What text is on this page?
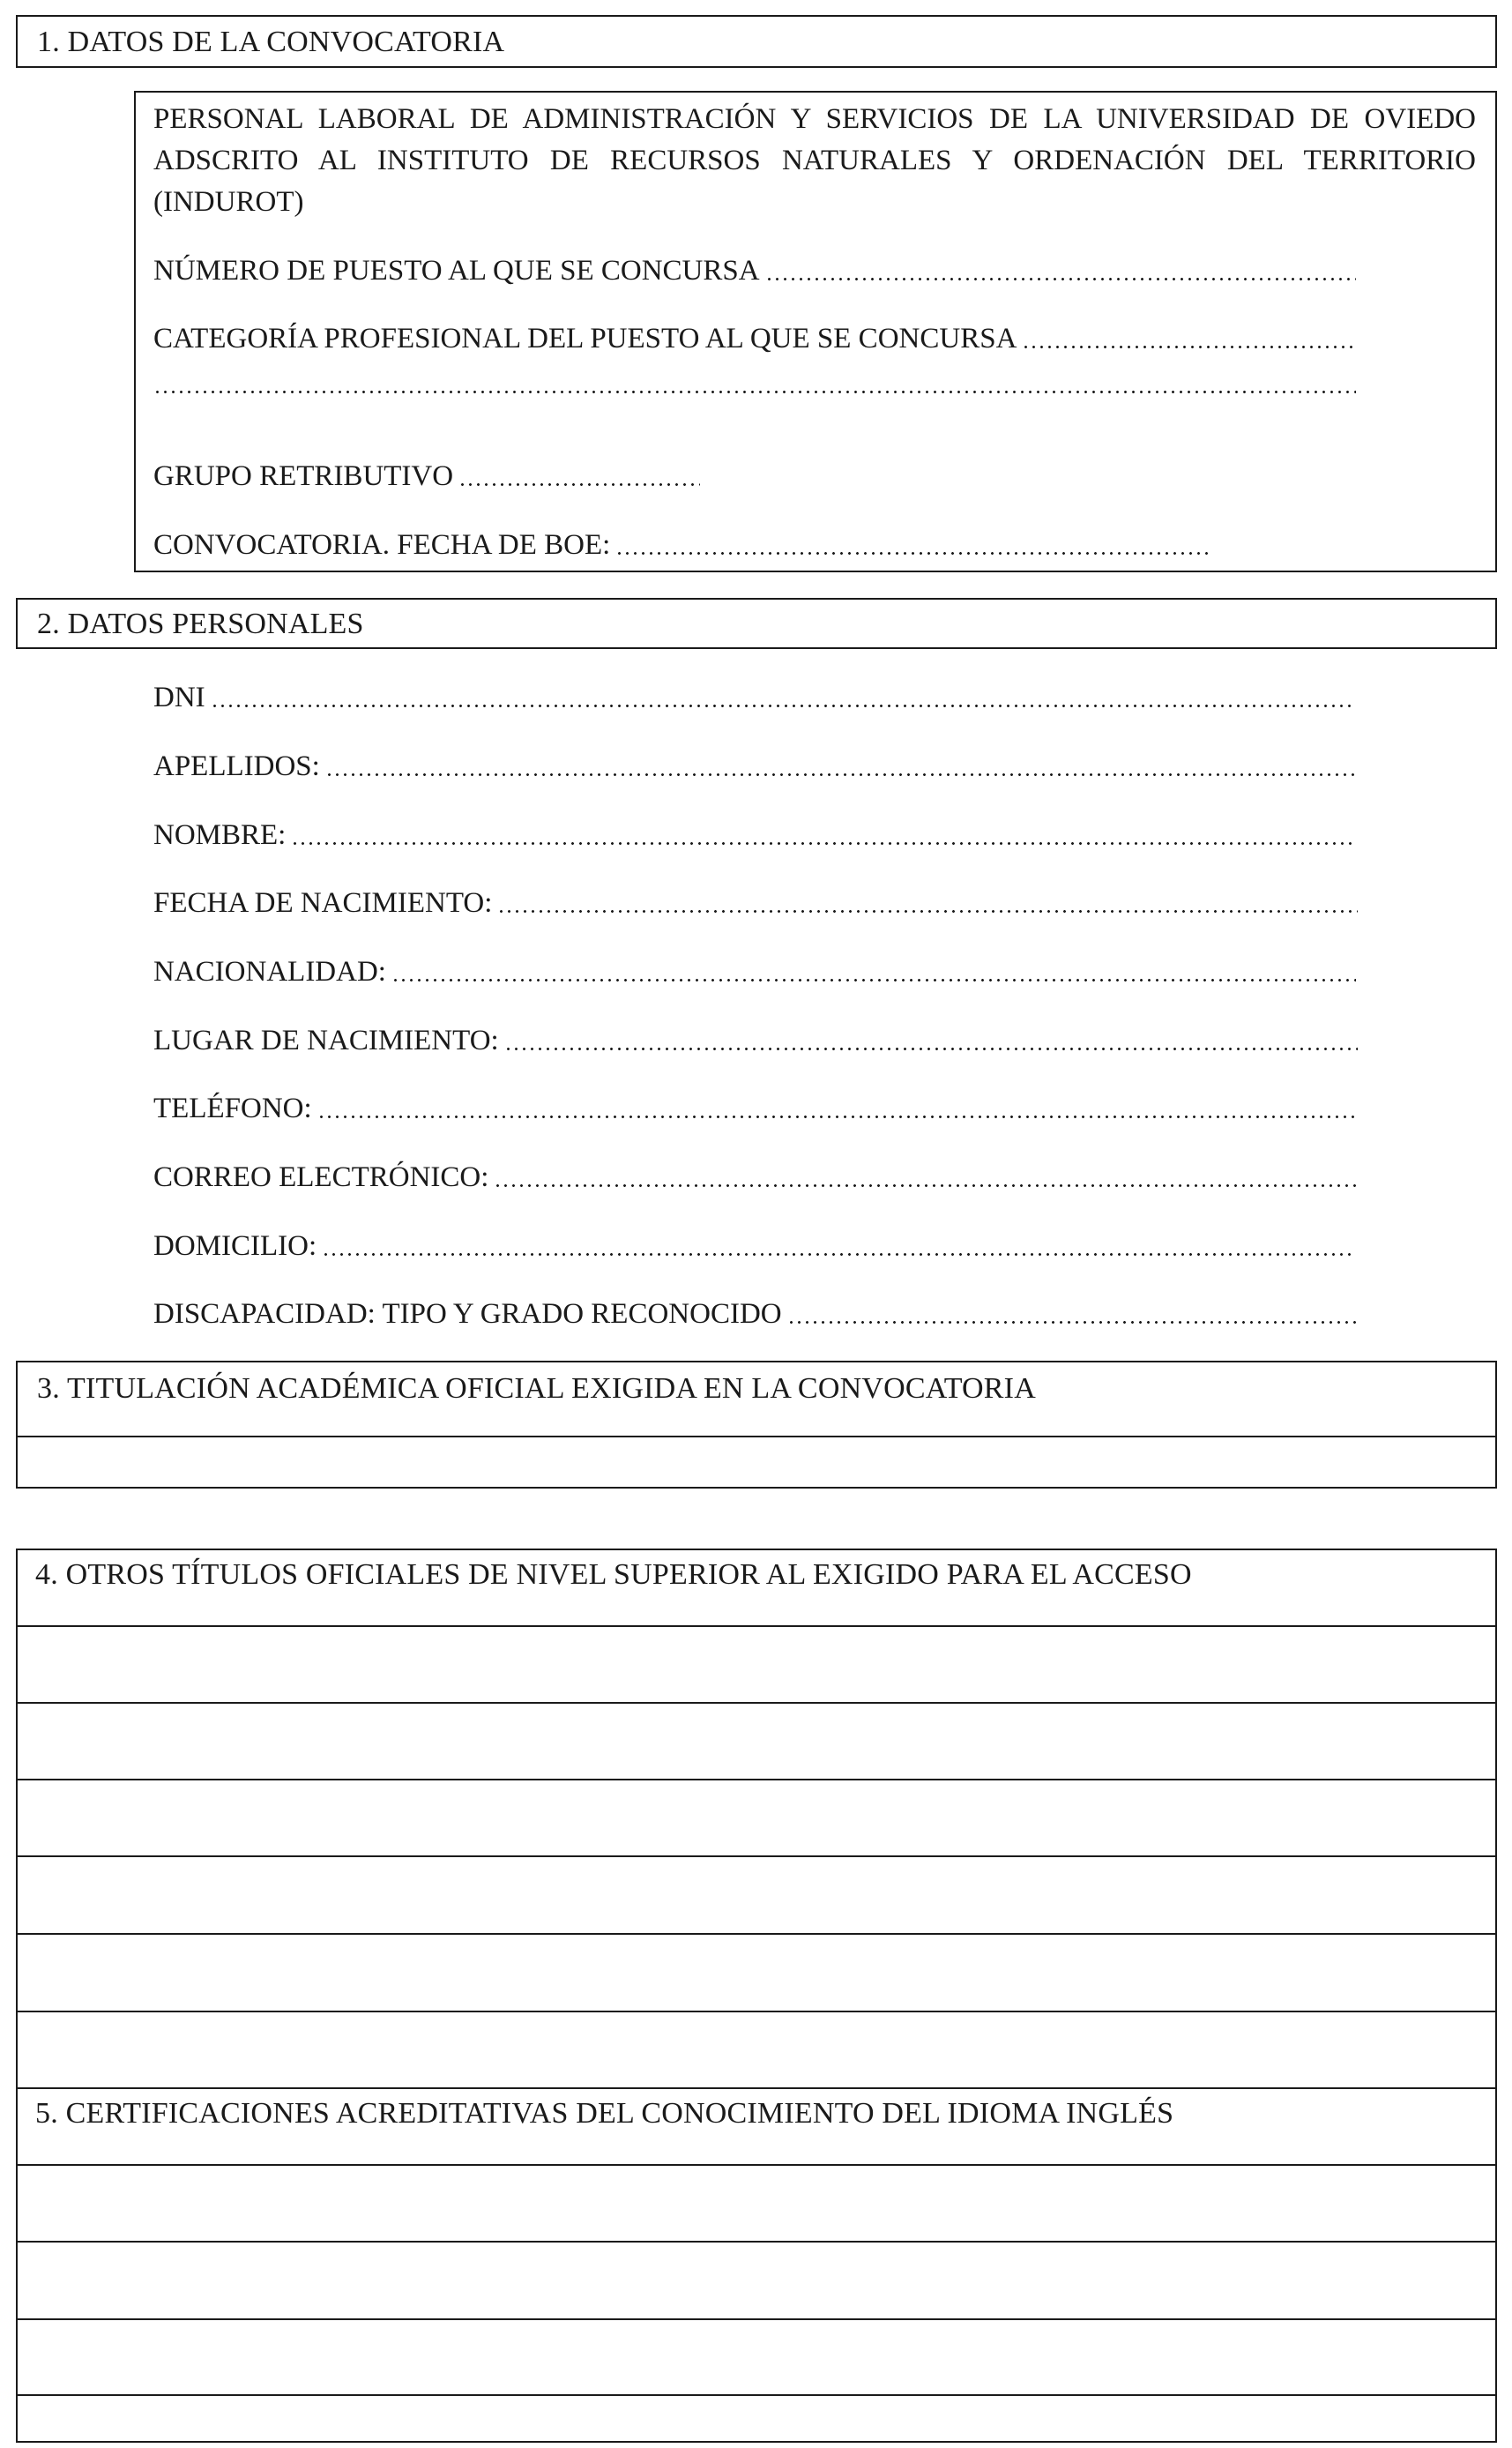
1. DATOS DE LA CONVOCATORIA
PERSONAL LABORAL DE ADMINISTRACIÓN Y SERVICIOS DE LA UNIVERSIDAD DE OVIEDO
ADSCRITO AL INSTITUTO DE RECURSOS NATURALES Y ORDENACIÓN DEL TERRITORIO
(INDUROT)
NÚMERO DE PUESTO AL QUE SE CONCURSA
CATEGORÍA PROFESIONAL DEL PUESTO AL QUE SE CONCURSA
GRUPO RETRIBUTIVO
CONVOCATORIA. FECHA DE BOE:
2. DATOS PERSONALES
DNI
APELLIDOS:
NOMBRE:
FECHA DE NACIMIENTO:
NACIONALIDAD:
LUGAR DE NACIMIENTO:
TELÉFONO:
CORREO ELECTRÓNICO:
DOMICILIO:
DISCAPACIDAD: TIPO Y GRADO RECONOCIDO
3. TITULACIÓN ACADÉMICA OFICIAL EXIGIDA EN LA CONVOCATORIA
4. OTROS TÍTULOS OFICIALES DE NIVEL SUPERIOR AL EXIGIDO PARA EL ACCESO
5. CERTIFICACIONES ACREDITATIVAS DEL CONOCIMIENTO DEL IDIOMA INGLÉS
